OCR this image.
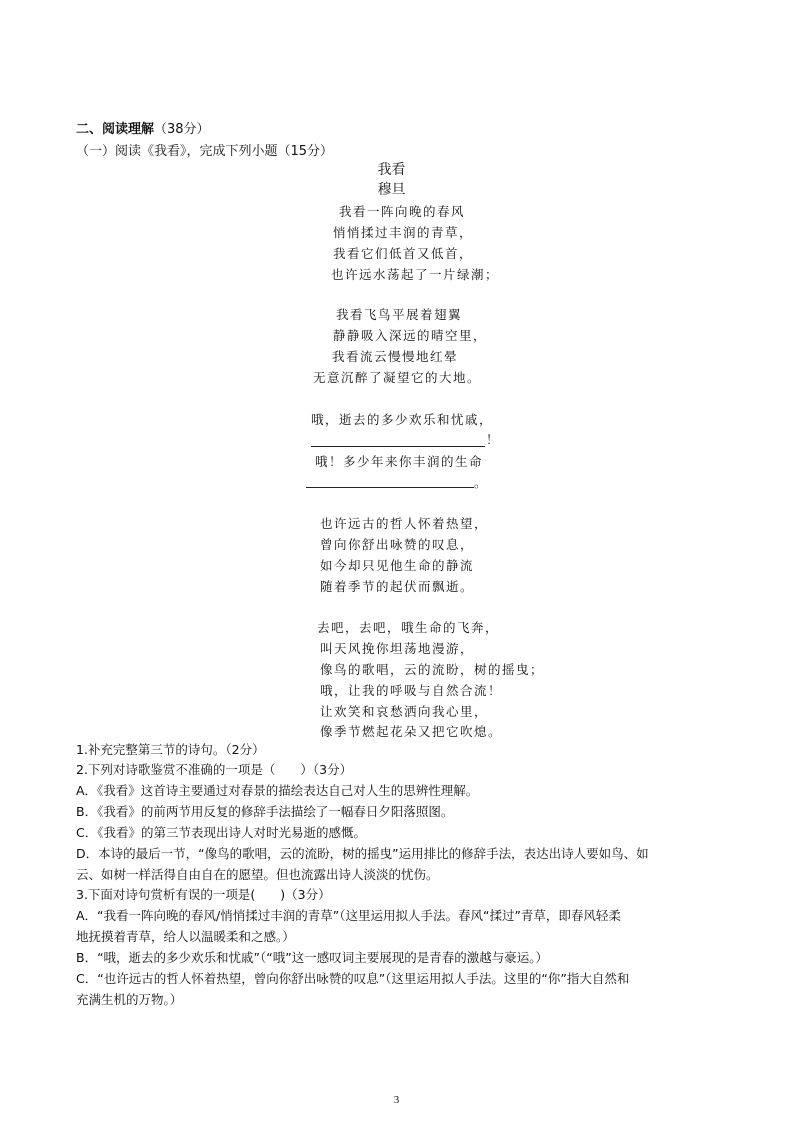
二、阅读理解（38分）
（一）阅读《我看》，完成下列小题（15分）
我看
穆旦
我看一阵向晚的春风
悄悄揉过丰润的青草，
我看它们低首又低首，
也许远水荡起了一片绿潮；
我看飞鸟平展着翅翼
静静吸入深远的晴空里，
我看流云慢慢地红晕
无意沉醉了凝望它的大地。
哦，逝去的多少欢乐和忧戚，
！
哦！多少年来你丰润的生命
。
也许远古的哲人怀着热望，
曾向你舒出咏赞的叹息，
如今却只见他生命的静流
随着季节的起伏而飘逝。
去吧，去吧，哦生命的飞奔，
叫天风挽你坦荡地漫游，
像鸟的歌唱，云的流盼，树的摇曳；
哦，让我的呼吸与自然合流！
让欢笑和哀愁洒向我心里，
像季节燃起花朵又把它吹熄。
1.补充完整第三节的诗句。（2分）
2.下列对诗歌鉴赏不准确的一项是（　　）（3分）
A．《我看》这首诗主要通过对春景的描绘表达自己对人生的思辨性理解。
B．《我看》的前两节用反复的修辞手法描绘了一幅春日夕阳落照图。
C．《我看》的第三节表现出诗人对时光易逝的感慨。
D．本诗的最后一节，“像鸟的歌唱，云的流盼，树的摇曳”运用排比的修辞手法，表达出诗人要如鸟、如
云、如树一样活得自由自在的愿望。但也流露出诗人淡淡的忧伤。
3.下面对诗句赏析有误的一项是(　　)（3分）
A．“我看一阵向晚的春风/悄悄揉过丰润的青草”（这里运用拟人手法。春风“揉过”青草，即春风轻柔
地抚摸着青草，给人以温暖柔和之感。）
B．“哦，逝去的多少欢乐和忧戚”（“哦”这一感叹词主要展现的是青春的激越与豪运。）
C．“也许远古的哲人怀着热望，曾向你舒出咏赞的叹息”（这里运用拟人手法。这里的“你”指大自然和
充满生机的万物。）
3
